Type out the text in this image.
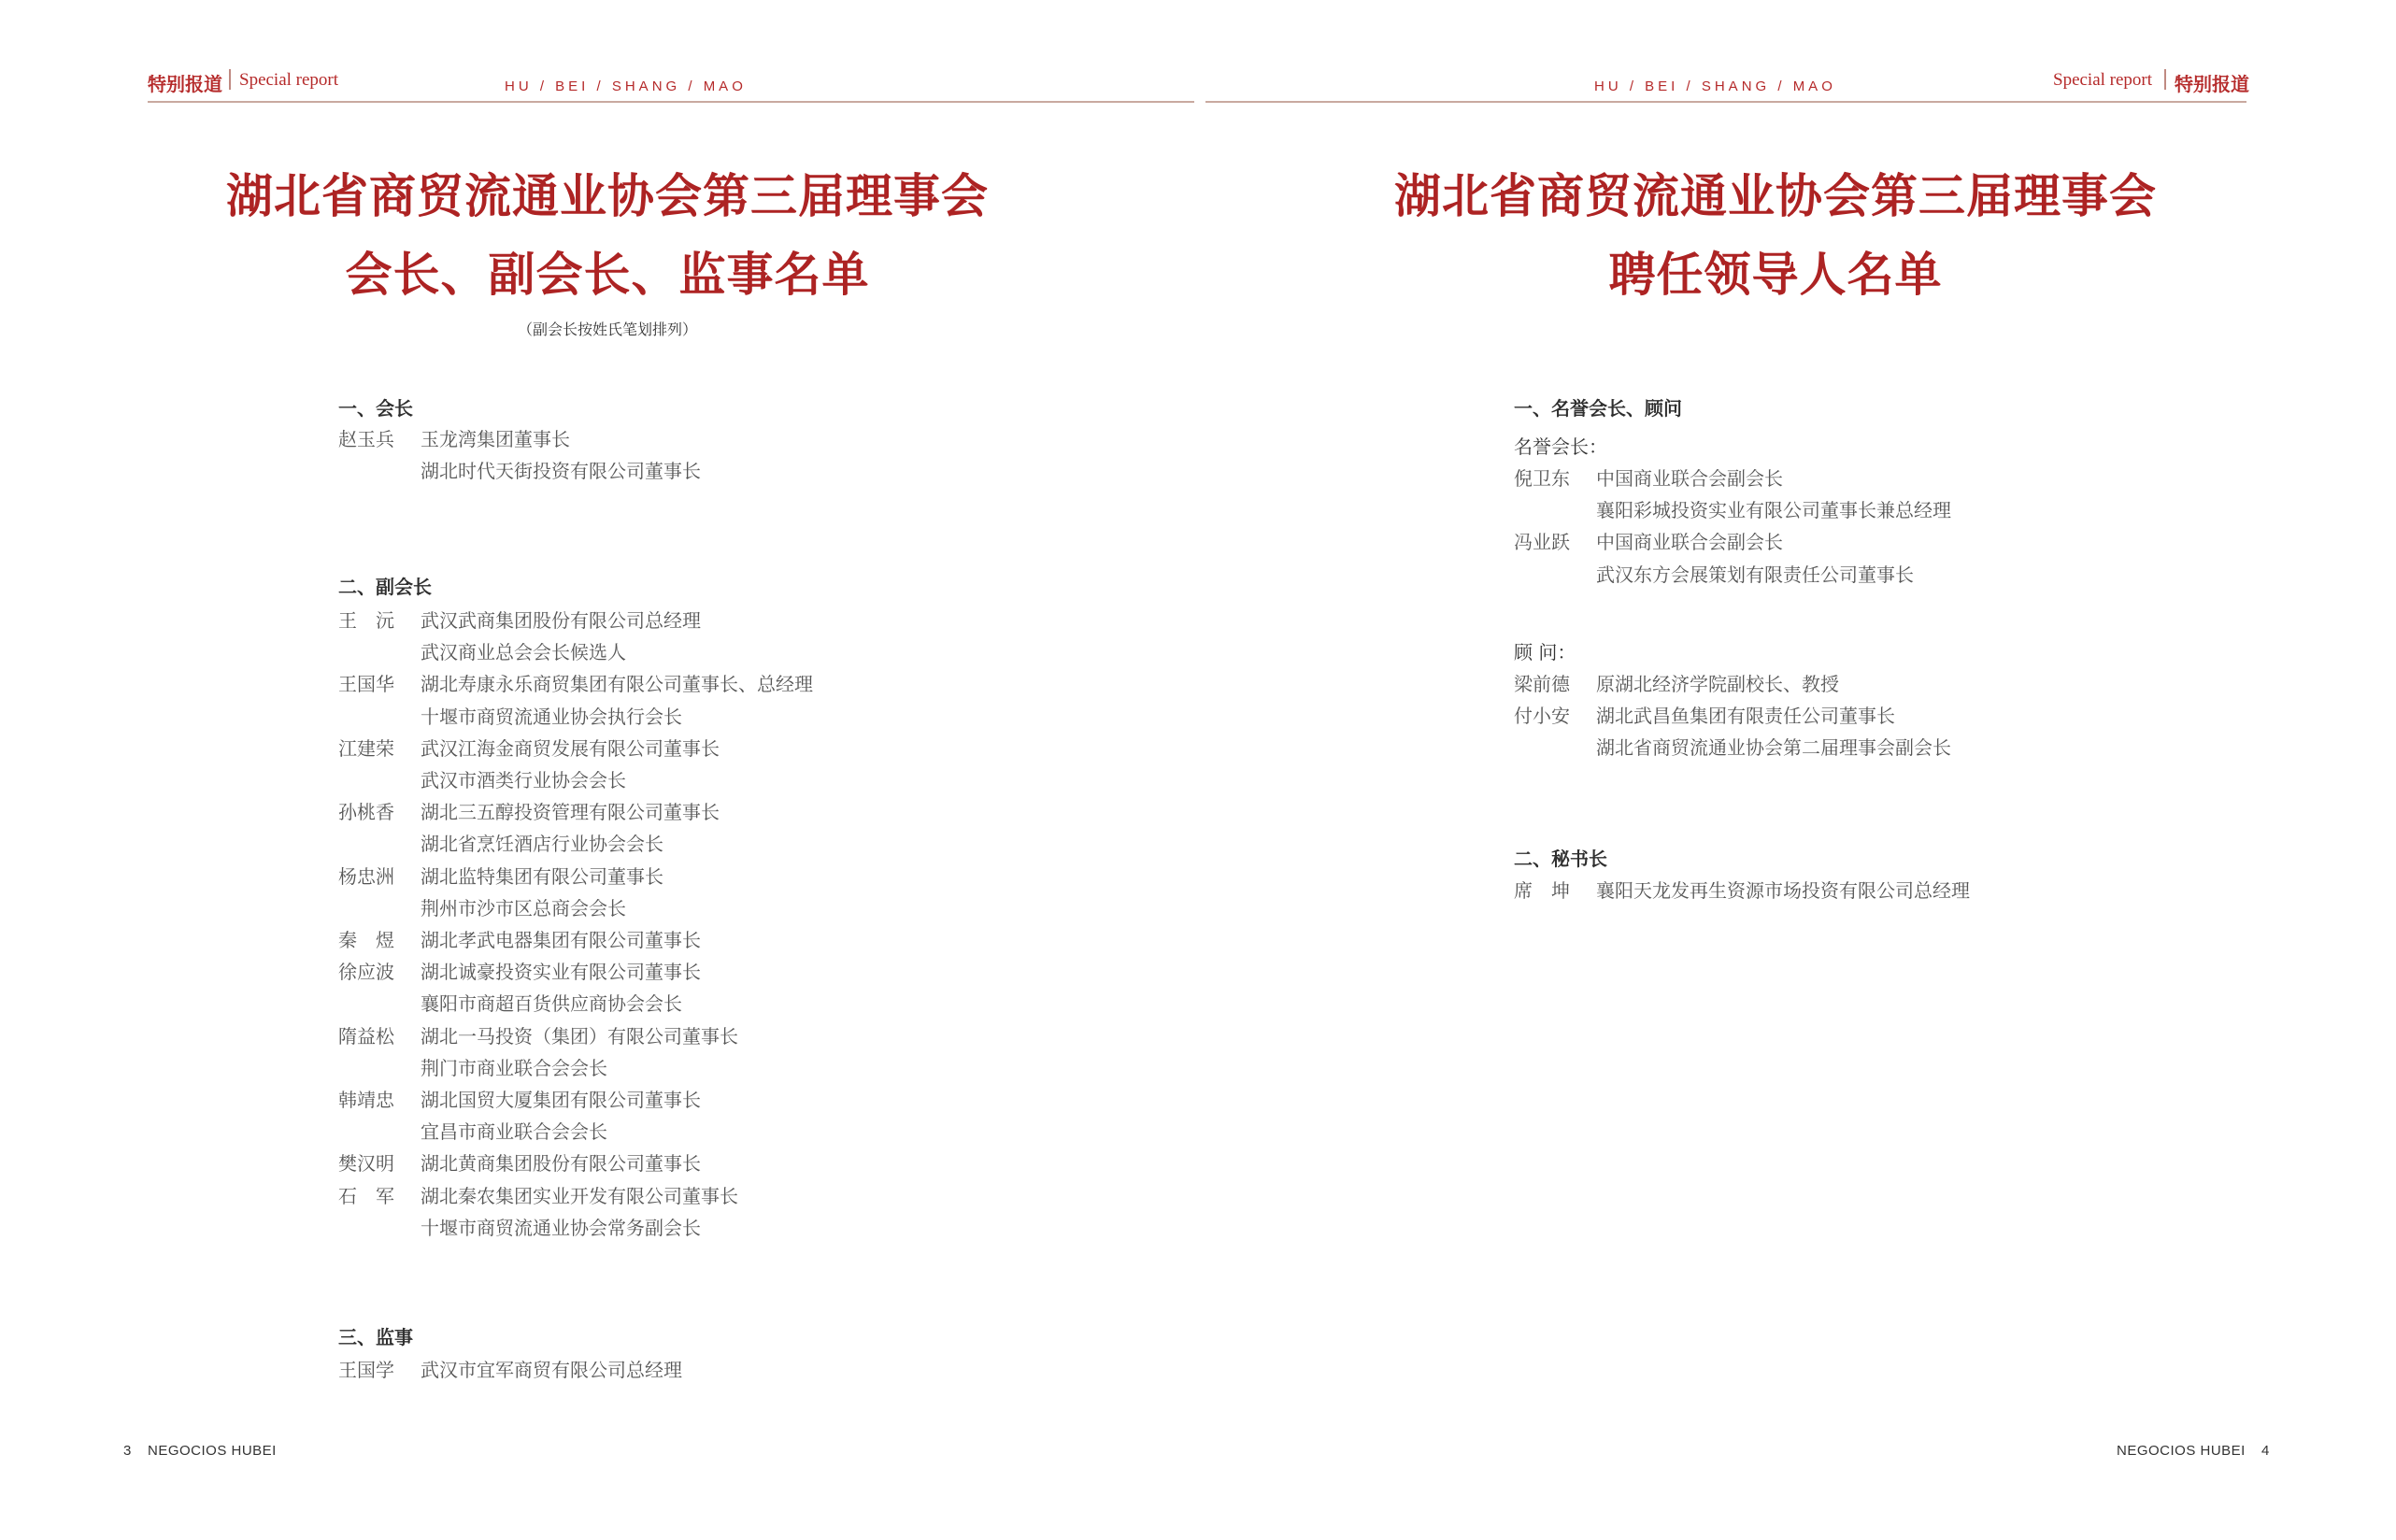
特别报道 Special report	HU / BEI / SHANG / MAO	HU / BEI / SHANG / MAO	Special report 特别报道
湖北省商贸流通业协会第三届理事会
会长、副会长、监事名单
（副会长按姓氏笔划排列）
湖北省商贸流通业协会第三届理事会
聘任领导人名单
一、会长
二、副会长
三、监事
一、名誉会长、顾问
名誉会长：
顾 问：
二、秘书长
赵玉兵 玉龙湾集团董事长
湖北时代天街投资有限公司董事长
王　沅 武汉武商集团股份有限公司总经理
武汉商业总会会长候选人
王国华 湖北寿康永乐商贸集团有限公司董事长、总经理
十堰市商贸流通业协会执行会长
江建荣 武汉江海金商贸发展有限公司董事长
武汉市酒类行业协会会长
孙桃香 湖北三五醇投资管理有限公司董事长
湖北省烹饪酒店行业协会会长
杨忠洲 湖北监特集团有限公司董事长
荆州市沙市区总商会会长
秦　煜 湖北孝武电器集团有限公司董事长
徐应波 湖北诚豪投资实业有限公司董事长
襄阳市商超百货供应商协会会长
隋益松 湖北一马投资（集团）有限公司董事长
荆门市商业联合会会长
韩靖忠 湖北国贸大厦集团有限公司董事长
宜昌市商业联合会会长
樊汉明 湖北黄商集团股份有限公司董事长
石　军 湖北秦农集团实业开发有限公司董事长
十堰市商贸流通业协会常务副会长
王国学 武汉市宜军商贸有限公司总经理
倪卫东 中国商业联合会副会长
襄阳彩城投资实业有限公司董事长兼总经理
冯业跃 中国商业联合会副会长
武汉东方会展策划有限责任公司董事长
梁前德 原湖北经济学院副校长、教授
付小安 湖北武昌鱼集团有限责任公司董事长
湖北省商贸流通业协会第二届理事会副会长
席　坤 襄阳天龙发再生资源市场投资有限公司总经理
3 NEGOCIOS HUBEI	NEGOCIOS HUBEI 4
